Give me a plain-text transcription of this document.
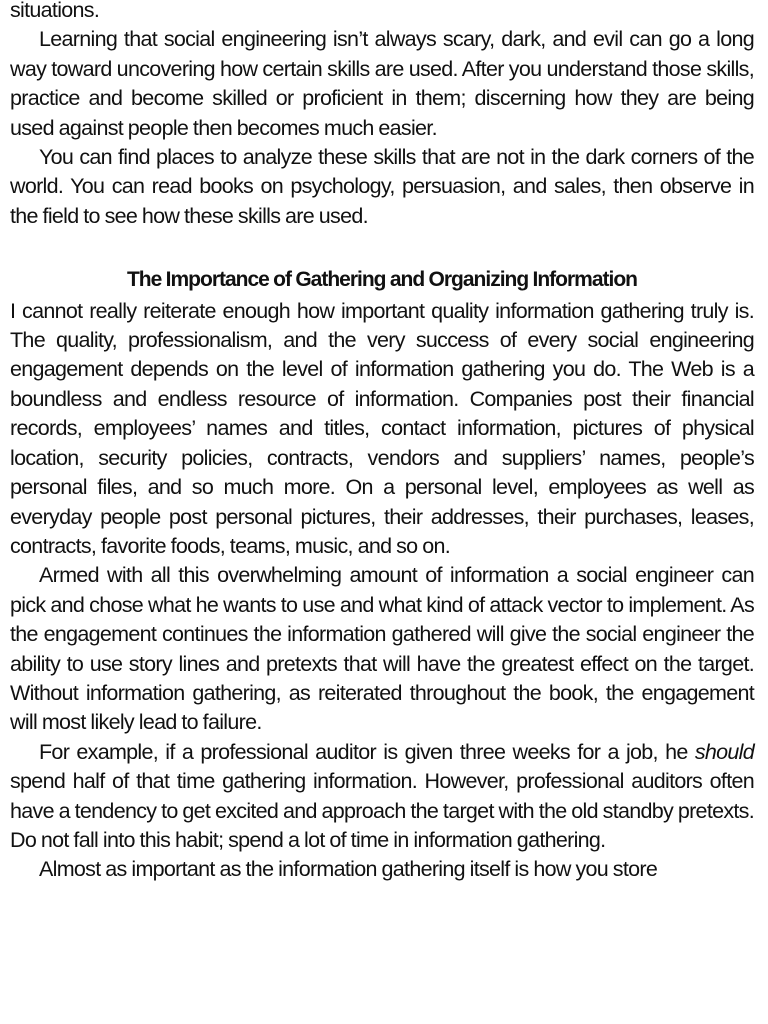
situations.

Learning that social engineering isn’t always scary, dark, and evil can go a long way toward uncovering how certain skills are used. After you understand those skills, practice and become skilled or proficient in them; discerning how they are being used against people then becomes much easier.

You can find places to analyze these skills that are not in the dark corners of the world. You can read books on psychology, persuasion, and sales, then observe in the field to see how these skills are used.

The Importance of Gathering and Organizing Information

I cannot really reiterate enough how important quality information gathering truly is. The quality, professionalism, and the very success of every social engineering engagement depends on the level of information gathering you do. The Web is a boundless and endless resource of information. Companies post their financial records, employees’ names and titles, contact information, pictures of physical location, security policies, contracts, vendors and suppliers’ names, people’s personal files, and so much more. On a personal level, employees as well as everyday people post personal pictures, their addresses, their purchases, leases, contracts, favorite foods, teams, music, and so on.

Armed with all this overwhelming amount of information a social engineer can pick and chose what he wants to use and what kind of attack vector to implement. As the engagement continues the information gathered will give the social engineer the ability to use story lines and pretexts that will have the greatest effect on the target. Without information gathering, as reiterated throughout the book, the engagement will most likely lead to failure.

For example, if a professional auditor is given three weeks for a job, he should spend half of that time gathering information. However, professional auditors often have a tendency to get excited and approach the target with the old standby pretexts. Do not fall into this habit; spend a lot of time in information gathering.

Almost as important as the information gathering itself is how you store
